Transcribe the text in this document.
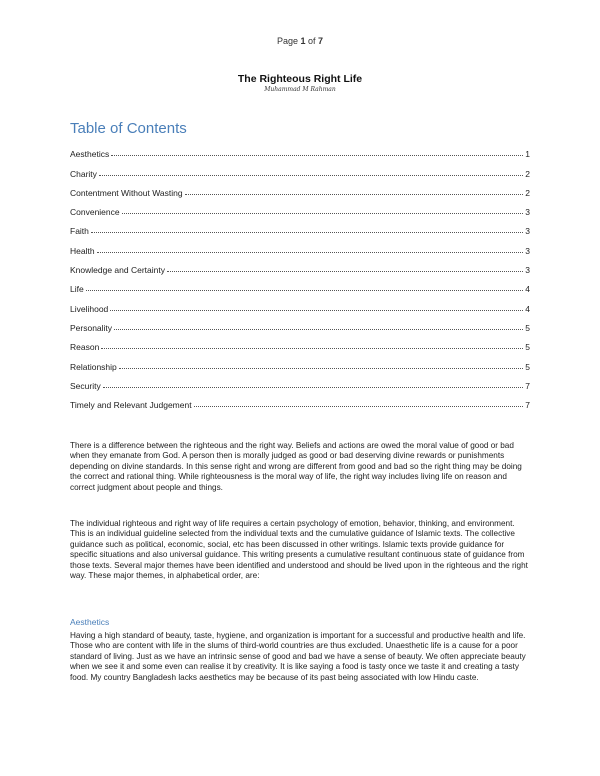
Page 1 of 7
The Righteous Right Life
Muhammad M Rahman
Table of Contents
Aesthetics	1
Charity	2
Contentment Without Wasting	2
Convenience	3
Faith	3
Health	3
Knowledge and Certainty	3
Life	4
Livelihood	4
Personality	5
Reason	5
Relationship	5
Security	7
Timely and Relevant Judgement	7

There is a difference between the righteous and the right way. Beliefs and actions are owed the moral value of good or bad when they emanate from God. A person then is morally judged as good or bad deserving divine rewards or punishments depending on divine standards. In this sense right and wrong are different from good and bad so the right thing may be doing the correct and rational thing. While righteousness is the moral way of life, the right way includes living life on reason and correct judgment about people and things.

The individual righteous and right way of life requires a certain psychology of emotion, behavior, thinking, and environment. This is an individual guideline selected from the individual texts and the cumulative guidance of Islamic texts. The collective guidance such as political, economic, social, etc has been discussed in other writings. Islamic texts provide guidance for specific situations and also universal guidance. This writing presents a cumulative resultant continuous state of guidance from those texts. Several major themes have been identified and understood and should be lived upon in the righteous and the right way. These major themes, in alphabetical order, are:

Aesthetics

Having a high standard of beauty, taste, hygiene, and organization is important for a successful and productive health and life. Those who are content with life in the slums of third-world countries are thus excluded. Unaesthetic life is a cause for a poor standard of living. Just as we have an intrinsic sense of good and bad we have a sense of beauty. We often appreciate beauty when we see it and some even can realise it by creativity. It is like saying a food is tasty once we taste it and creating a tasty food. My country Bangladesh lacks aesthetics may be because of its past being associated with low Hindu caste.
